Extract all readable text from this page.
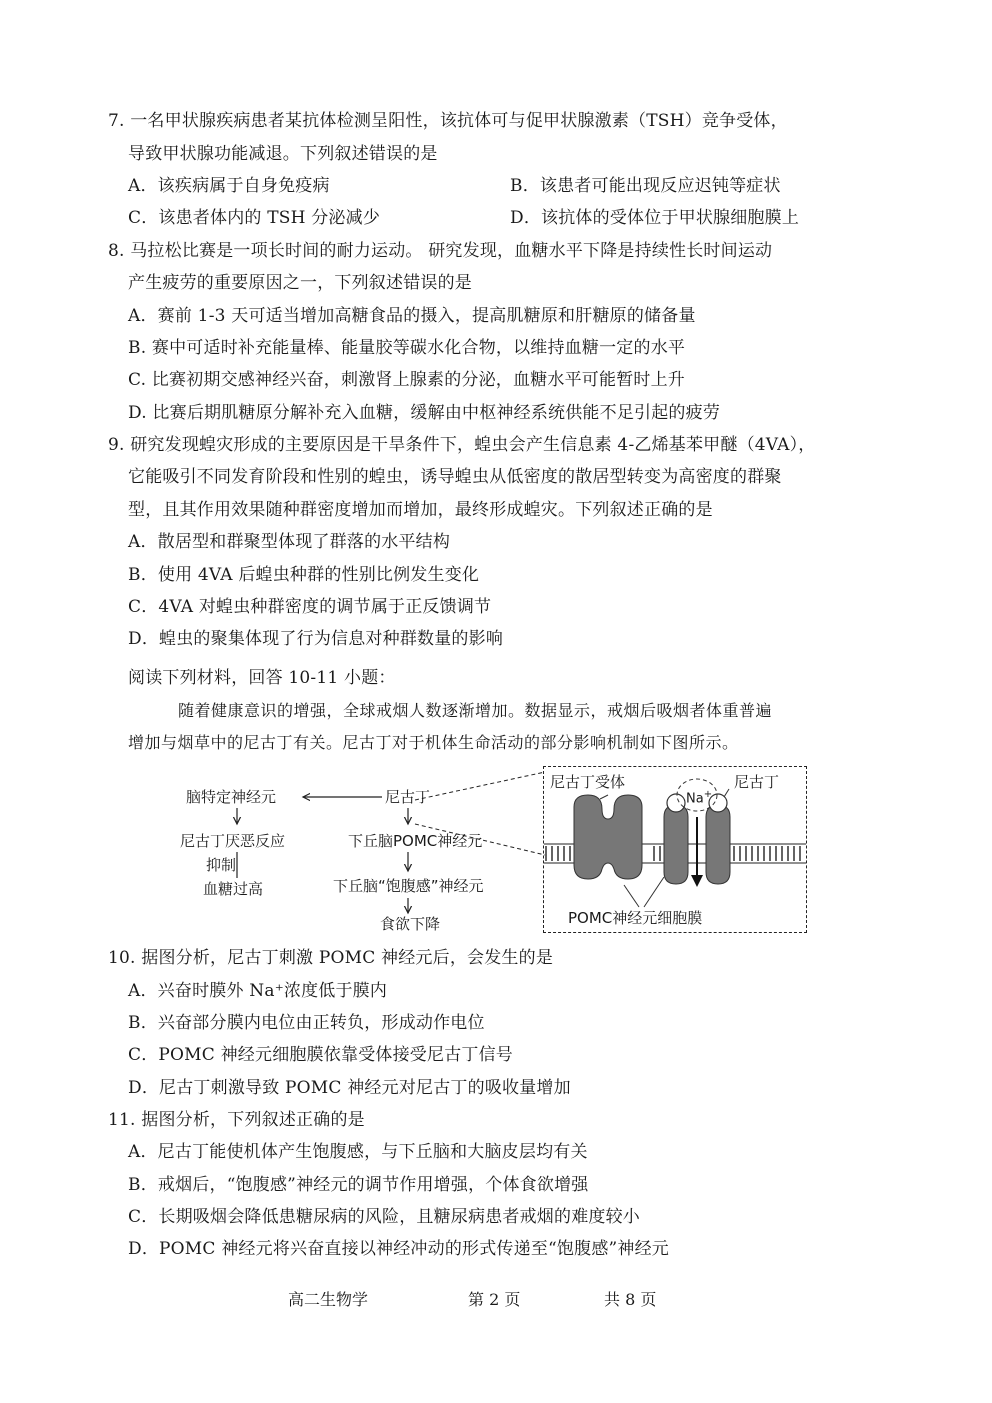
7. 一名甲状腺疾病患者某抗体检测呈阳性，该抗体可与促甲状腺激素（TSH）竞争受体，
导致甲状腺功能减退。下列叙述错误的是
A．该疾病属于自身免疫病	B．该患者可能出现反应迟钝等症状
C．该患者体内的 TSH 分泌减少	D．该抗体的受体位于甲状腺细胞膜上
8. 马拉松比赛是一项长时间的耐力运动。 研究发现，血糖水平下降是持续性长时间运动
产生疲劳的重要原因之一，下列叙述错误的是
A．赛前 1-3 天可适当增加高糖食品的摄入，提高肌糖原和肝糖原的储备量
B. 赛中可适时补充能量棒、能量胶等碳水化合物，以维持血糖一定的水平
C. 比赛初期交感神经兴奋，刺激肾上腺素的分泌，血糖水平可能暂时上升
D. 比赛后期肌糖原分解补充入血糖，缓解由中枢神经系统供能不足引起的疲劳
9. 研究发现蝗灾形成的主要原因是干旱条件下，蝗虫会产生信息素 4-乙烯基苯甲醚（4VA），
它能吸引不同发育阶段和性别的蝗虫，诱导蝗虫从低密度的散居型转变为高密度的群聚
型，且其作用效果随种群密度增加而增加，最终形成蝗灾。下列叙述正确的是
A．散居型和群聚型体现了群落的水平结构
B．使用 4VA 后蝗虫种群的性别比例发生变化
C．4VA 对蝗虫种群密度的调节属于正反馈调节
D．蝗虫的聚集体现了行为信息对种群数量的影响
阅读下列材料，回答 10-11 小题：
随着健康意识的增强，全球戒烟人数逐渐增加。数据显示，戒烟后吸烟者体重普遍
增加与烟草中的尼古丁有关。尼古丁对于机体生命活动的部分影响机制如下图所示。
脑特定神经元	尼古丁
尼古丁厌恶反应
抑制
血糖过高
下丘脑POMC神经元
下丘脑“饱腹感”神经元
食欲下降
尼古丁受体	尼古丁
Na+
POMC神经元细胞膜
10. 据图分析，尼古丁刺激 POMC 神经元后，会发生的是
A．兴奋时膜外 Na⁺浓度低于膜内
B．兴奋部分膜内电位由正转负，形成动作电位
C．POMC 神经元细胞膜依靠受体接受尼古丁信号
D．尼古丁刺激导致 POMC 神经元对尼古丁的吸收量增加
11. 据图分析，下列叙述正确的是
A．尼古丁能使机体产生饱腹感，与下丘脑和大脑皮层均有关
B．戒烟后，“饱腹感”神经元的调节作用增强，个体食欲增强
C．长期吸烟会降低患糖尿病的风险，且糖尿病患者戒烟的难度较小
D．POMC 神经元将兴奋直接以神经冲动的形式传递至“饱腹感”神经元
高二生物学	第 2 页	共 8 页
